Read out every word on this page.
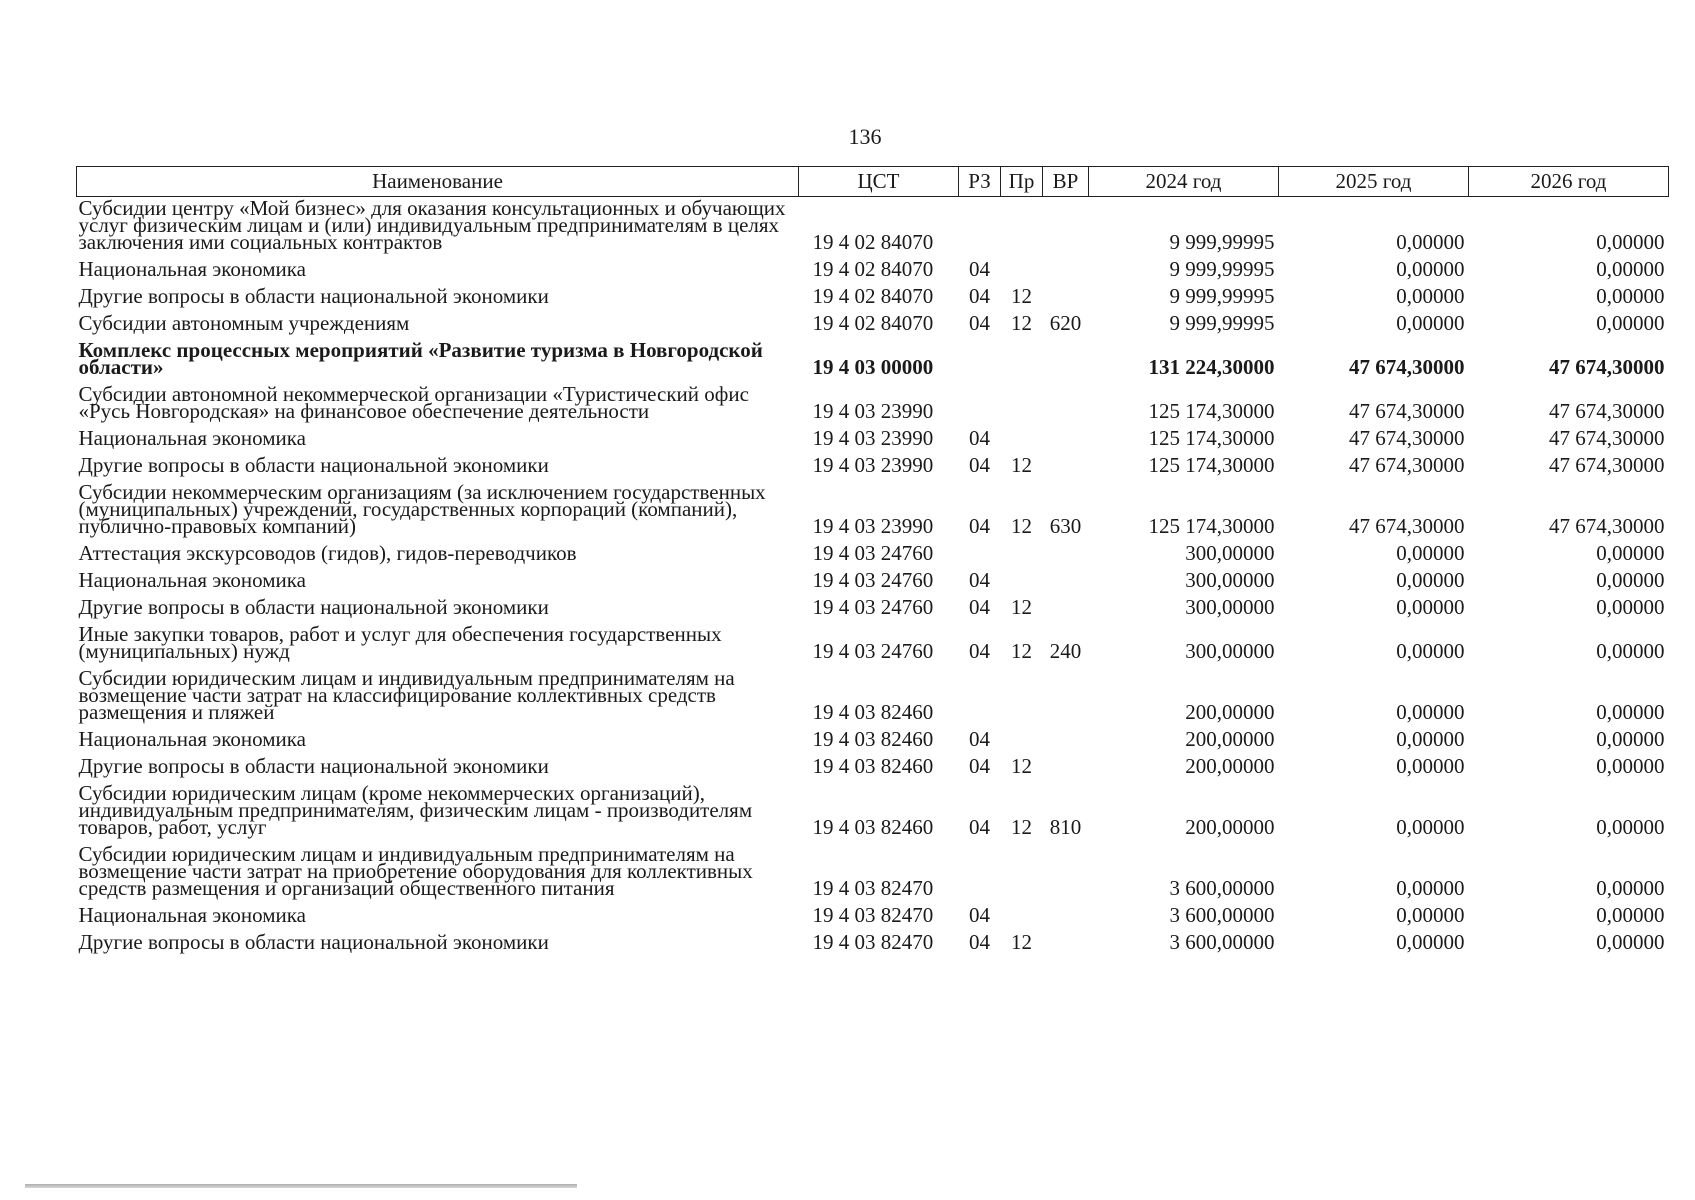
136
Наименование	ЦСТ	РЗ	Пр	ВР	2024 год	2025 год	2026 год
Субсидии центру «Мой бизнес» для оказания консультационных и обучающих услуг физическим лицам и (или) индивидуальным предпринимателям в целях заключения ими социальных контрактов	19 4 02 84070				9 999,99995	0,00000	0,00000
Национальная экономика	19 4 02 84070	04			9 999,99995	0,00000	0,00000
Другие вопросы в области национальной экономики	19 4 02 84070	04	12		9 999,99995	0,00000	0,00000
Субсидии автономным учреждениям	19 4 02 84070	04	12	620	9 999,99995	0,00000	0,00000
Комплекс процессных мероприятий «Развитие туризма в Новгородской области»	19 4 03 00000				131 224,30000	47 674,30000	47 674,30000
Субсидии автономной некоммерческой организации «Туристический офис «Русь Новгородская» на финансовое обеспечение деятельности	19 4 03 23990				125 174,30000	47 674,30000	47 674,30000
Национальная экономика	19 4 03 23990	04			125 174,30000	47 674,30000	47 674,30000
Другие вопросы в области национальной экономики	19 4 03 23990	04	12		125 174,30000	47 674,30000	47 674,30000
Субсидии некоммерческим организациям (за исключением государственных (муниципальных) учреждений, государственных корпораций (компаний), публично-правовых компаний)	19 4 03 23990	04	12	630	125 174,30000	47 674,30000	47 674,30000
Аттестация экскурсоводов (гидов), гидов-переводчиков	19 4 03 24760				300,00000	0,00000	0,00000
Национальная экономика	19 4 03 24760	04			300,00000	0,00000	0,00000
Другие вопросы в области национальной экономики	19 4 03 24760	04	12		300,00000	0,00000	0,00000
Иные закупки товаров, работ и услуг для обеспечения государственных (муниципальных) нужд	19 4 03 24760	04	12	240	300,00000	0,00000	0,00000
Субсидии юридическим лицам и индивидуальным предпринимателям на возмещение части затрат на классифицирование коллективных средств размещения и пляжей	19 4 03 82460				200,00000	0,00000	0,00000
Национальная экономика	19 4 03 82460	04			200,00000	0,00000	0,00000
Другие вопросы в области национальной экономики	19 4 03 82460	04	12		200,00000	0,00000	0,00000
Субсидии юридическим лицам (кроме некоммерческих организаций), индивидуальным предпринимателям, физическим лицам - производителям товаров, работ, услуг	19 4 03 82460	04	12	810	200,00000	0,00000	0,00000
Субсидии юридическим лицам и индивидуальным предпринимателям на возмещение части затрат на приобретение оборудования для коллективных средств размещения и организаций общественного питания	19 4 03 82470				3 600,00000	0,00000	0,00000
Национальная экономика	19 4 03 82470	04			3 600,00000	0,00000	0,00000
Другие вопросы в области национальной экономики	19 4 03 82470	04	12		3 600,00000	0,00000	0,00000
